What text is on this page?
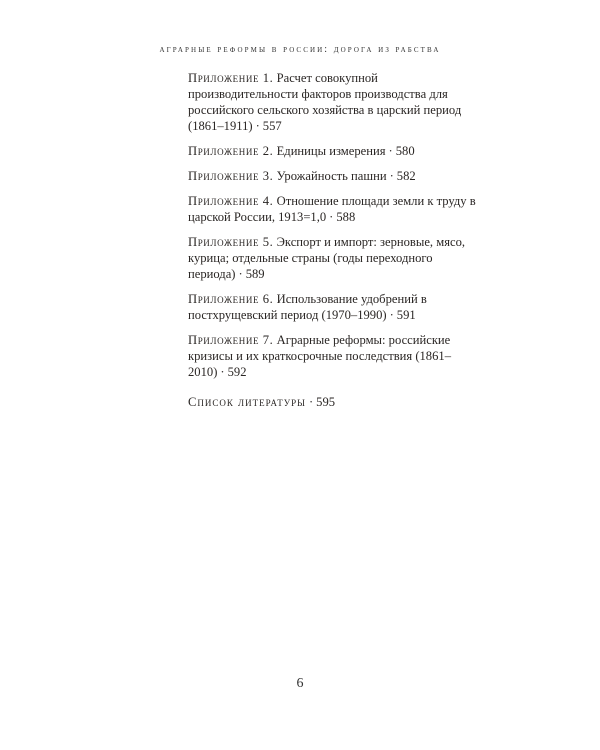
аграрные реформы в россии: дорога из рабства

Приложение 1. Расчет совокупной производительности факторов производства для российского сельского хозяйства в царский период (1861–1911) · 557

Приложение 2. Единицы измерения · 580

Приложение 3. Урожайность пашни · 582

Приложение 4. Отношение площади земли к труду в царской России, 1913=1,0 · 588

Приложение 5. Экспорт и импорт: зерновые, мясо, курица; отдельные страны (годы переходного периода) · 589

Приложение 6. Использование удобрений в постхрущевский период (1970–1990) · 591

Приложение 7. Аграрные реформы: российские кризисы и их краткосрочные последствия (1861–2010) · 592

Список литературы · 595

6
